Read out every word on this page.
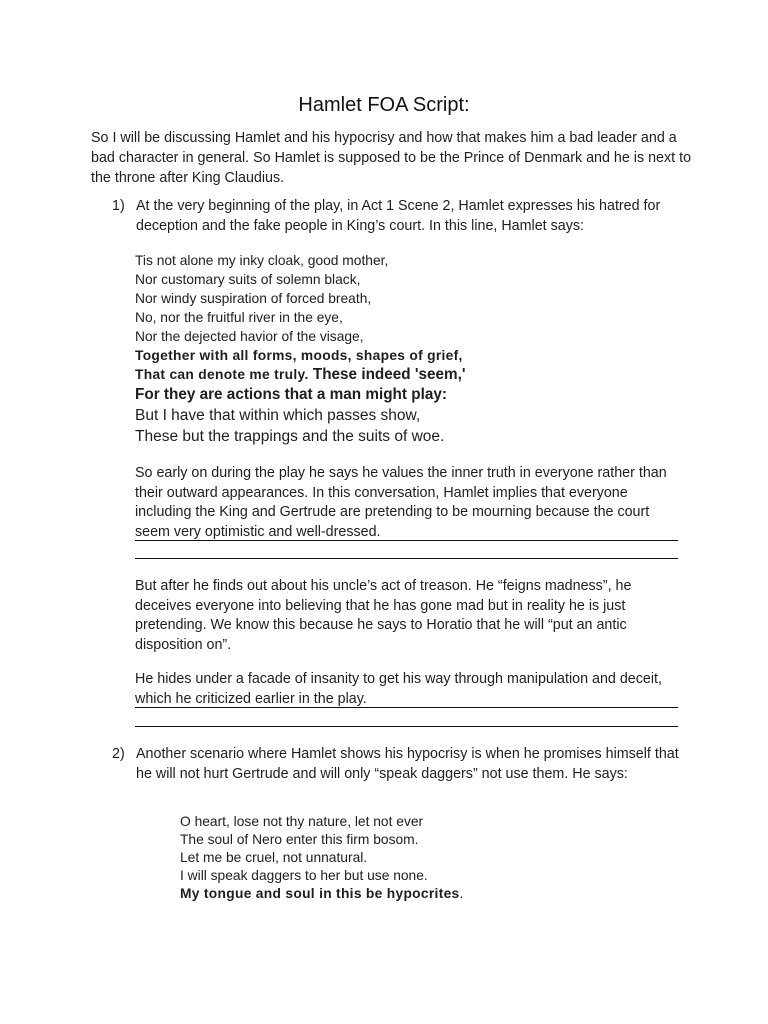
Hamlet FOA Script:
So I will be discussing Hamlet and his hypocrisy and how that makes him a bad leader and a bad character in general. So Hamlet is supposed to be the Prince of Denmark and he is next to the throne after King Claudius.
1) At the very beginning of the play, in Act 1 Scene 2, Hamlet expresses his hatred for deception and the fake people in King’s court. In this line, Hamlet says:
Tis not alone my inky cloak, good mother,
Nor customary suits of solemn black,
Nor windy suspiration of forced breath,
No, nor the fruitful river in the eye,
Nor the dejected havior of the visage,
Together with all forms, moods, shapes of grief,
That can denote me truly. These indeed 'seem,'
For they are actions that a man might play:
But I have that within which passes show,
These but the trappings and the suits of woe.
So early on during the play he says he values the inner truth in everyone rather than their outward appearances. In this conversation, Hamlet implies that everyone including the King and Gertrude are pretending to be mourning because the court seem very optimistic and well-dressed.
But after he finds out about his uncle’s act of treason. He “feigns madness”, he deceives everyone into believing that he has gone mad but in reality he is just pretending. We know this because he says to Horatio that he will “put an antic disposition on”.
He hides under a facade of insanity to get his way through manipulation and deceit, which he criticized earlier in the play.
2) Another scenario where Hamlet shows his hypocrisy is when he promises himself that he will not hurt Gertrude and will only “speak daggers” not use them. He says:
O heart, lose not thy nature, let not ever
The soul of Nero enter this firm bosom.
Let me be cruel, not unnatural.
I will speak daggers to her but use none.
My tongue and soul in this be hypocrites.
